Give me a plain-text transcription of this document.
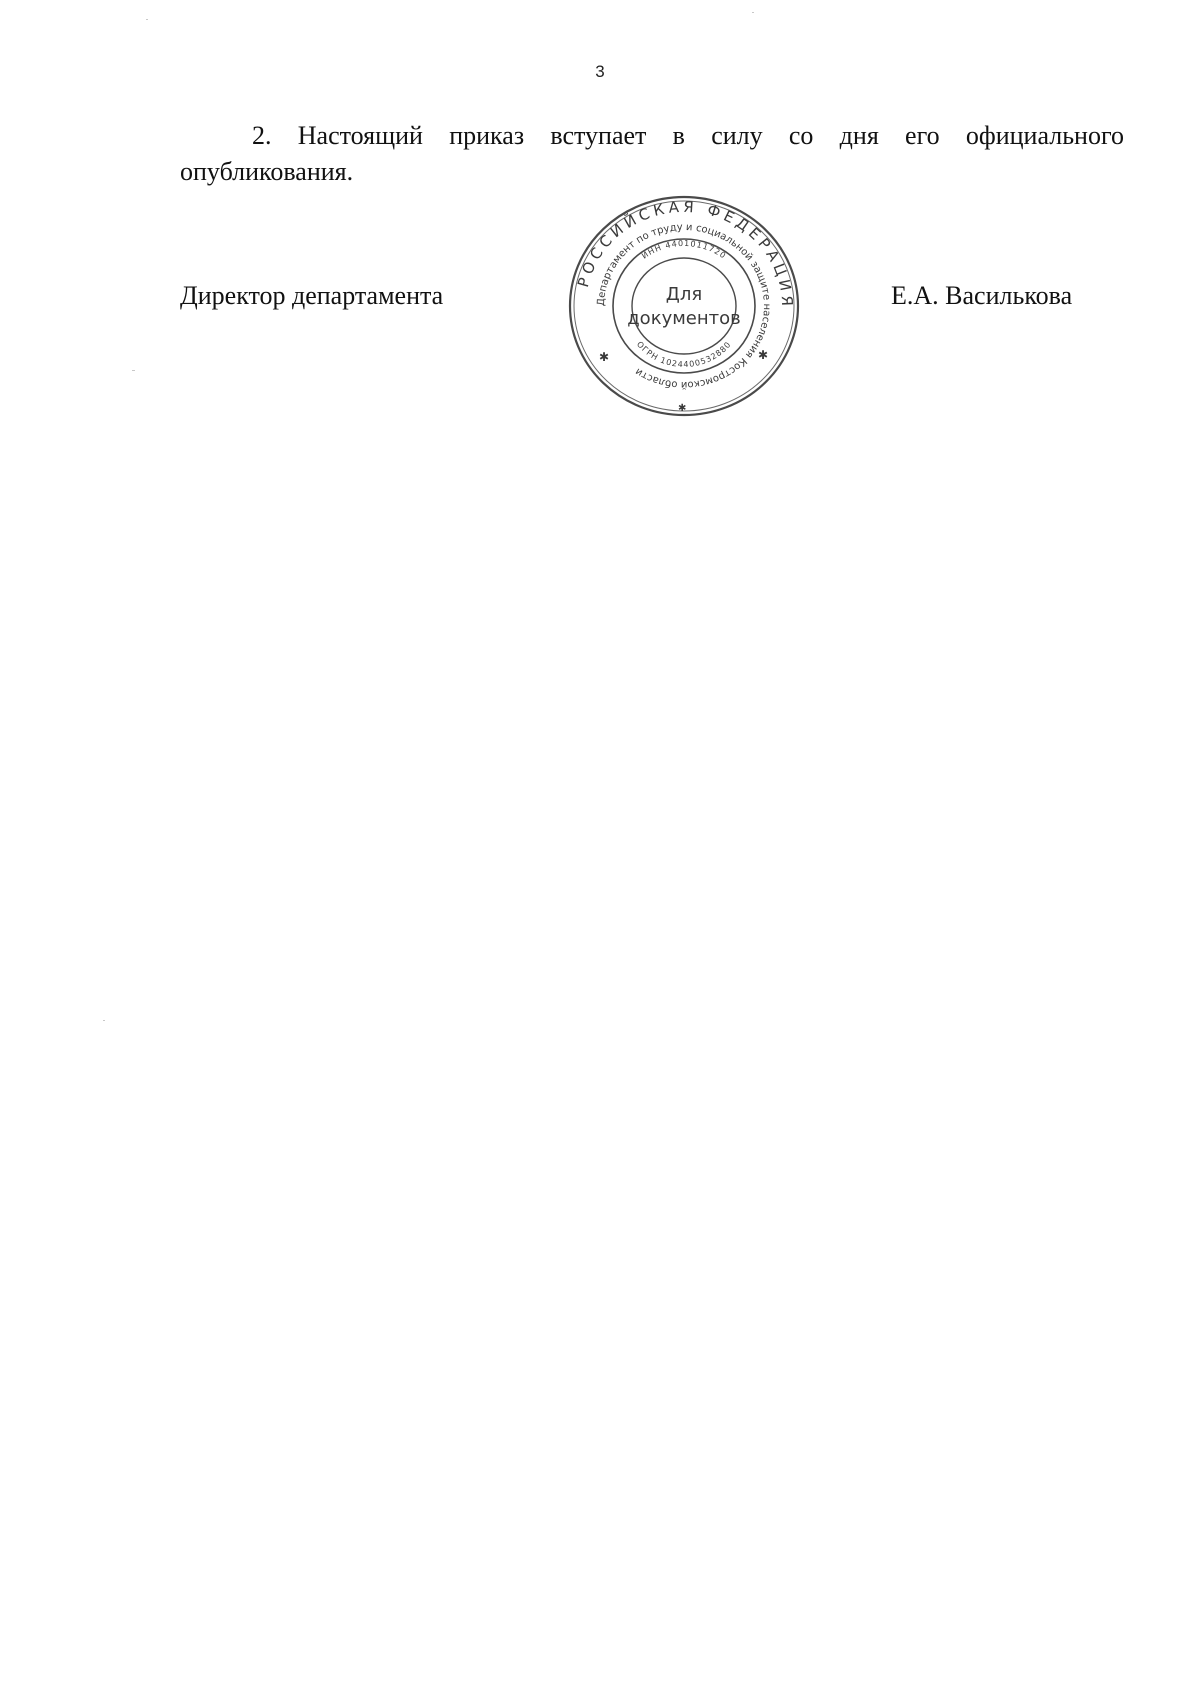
3

2. Настоящий приказ вступает в силу со дня его официального опубликования.

Директор департамента
РОССИЙСКАЯ ФЕДЕРАЦИЯ
Департамент по труду и социальной защите населения Костромской области
ИНН 4401011720
ОГРН 1024400532880
Для
документов
✱	✱
✱
Е.А. Василькова
